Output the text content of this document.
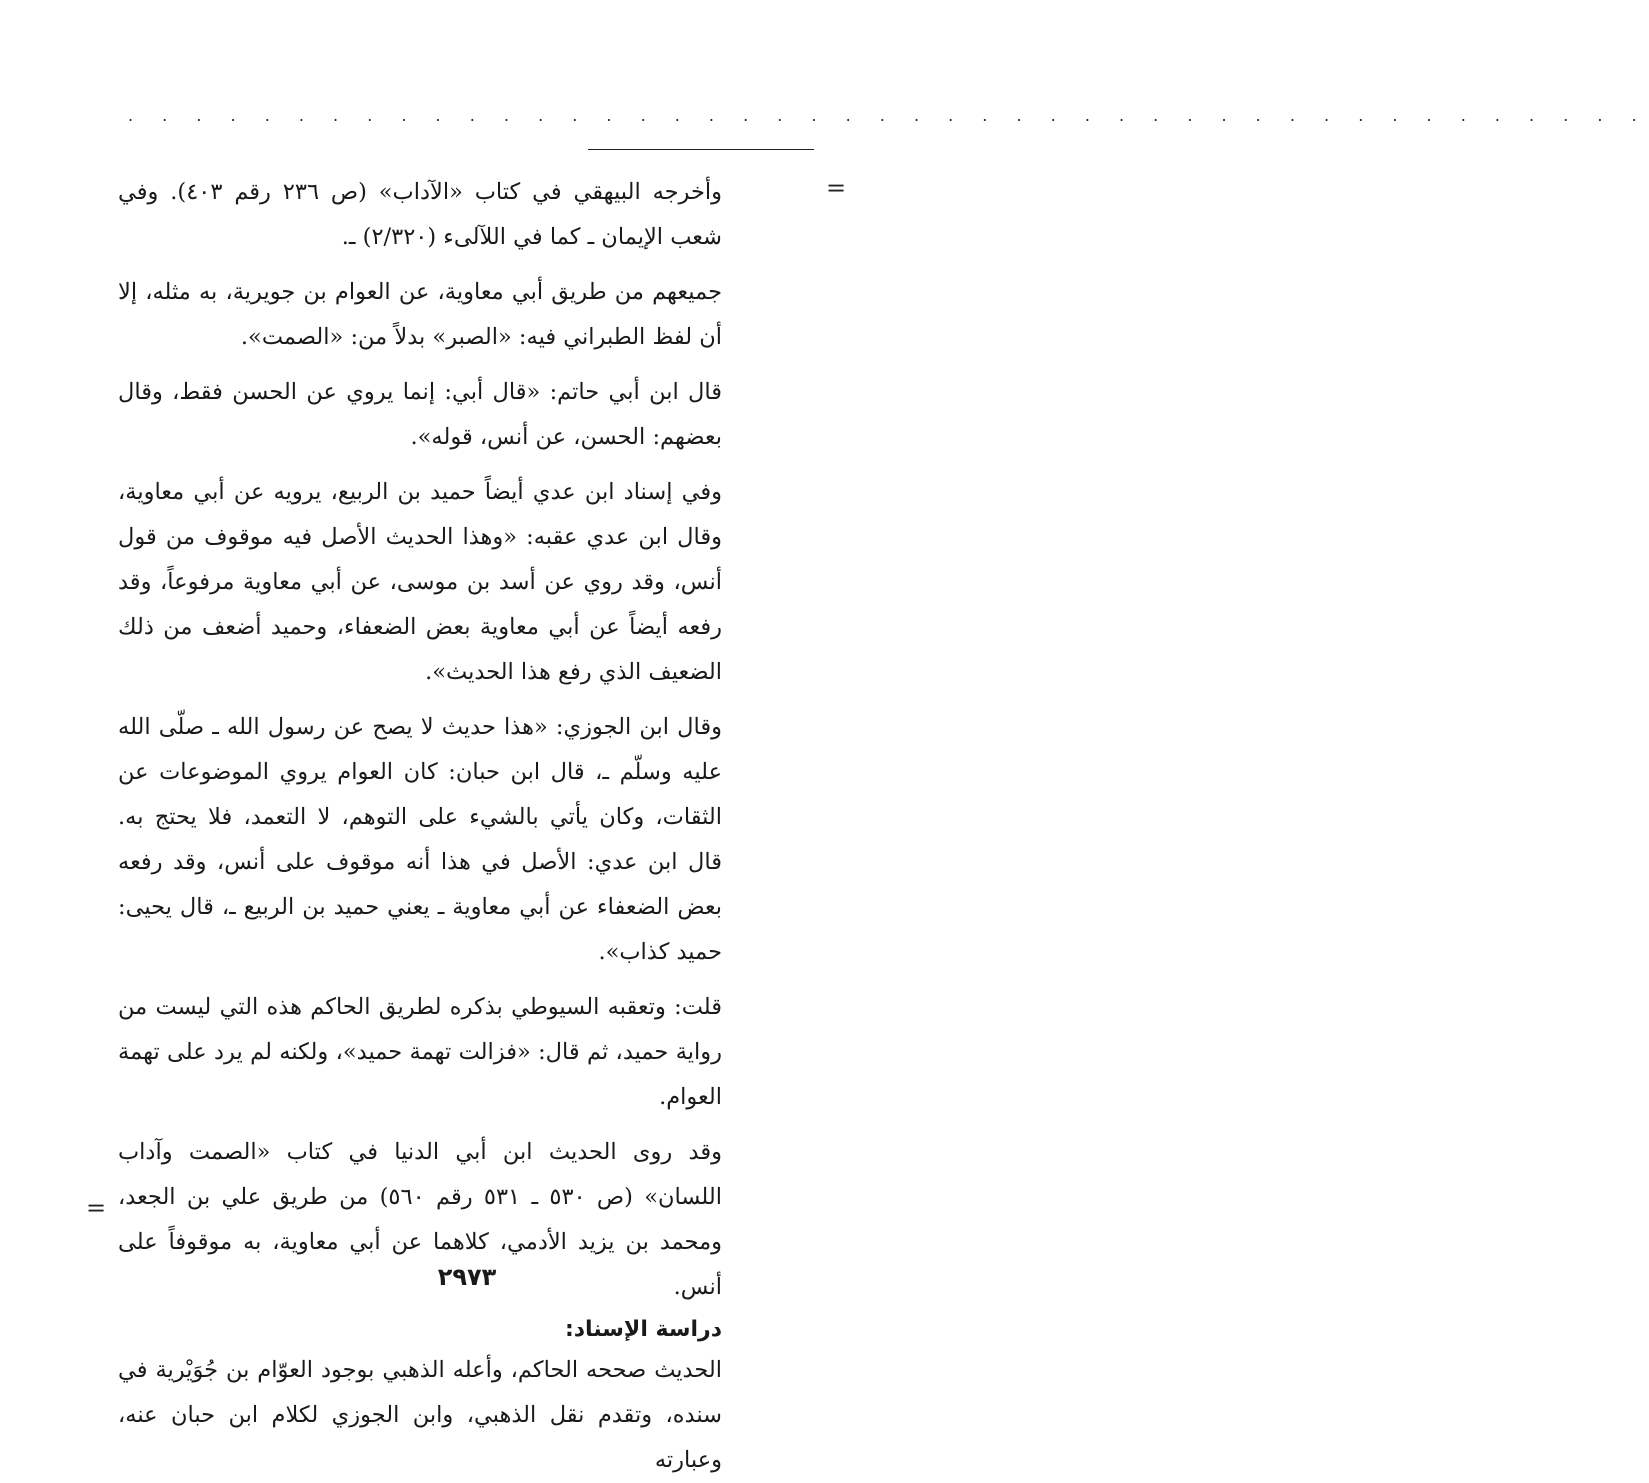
. . . . . . . . . . . . . . . . . . . . . . . . . . . . . . . . . . . . . . . . . . . . .
=

وأخرجه البيهقي في كتاب «الآداب» (ص ٢٣٦ رقم ٤٠٣). وفي شعب الإيمان ـ كما في اللآلىء (٢/٣٢٠) ـ.

جميعهم من طريق أبي معاوية، عن العوام بن جويرية، به مثله، إلا أن لفظ الطبراني فيه: «الصبر» بدلاً من: «الصمت».

قال ابن أبي حاتم: «قال أبي: إنما يروي عن الحسن فقط، وقال بعضهم: الحسن، عن أنس، قوله».

وفي إسناد ابن عدي أيضاً حميد بن الربيع، يرويه عن أبي معاوية، وقال ابن عدي عقبه: «وهذا الحديث الأصل فيه موقوف من قول أنس، وقد روي عن أسد بن موسى، عن أبي معاوية مرفوعاً، وقد رفعه أيضاً عن أبي معاوية بعض الضعفاء، وحميد أضعف من ذلك الضعيف الذي رفع هذا الحديث».

وقال ابن الجوزي: «هذا حديث لا يصح عن رسول الله ـ صلّى الله عليه وسلّم ـ، قال ابن حبان: كان العوام يروي الموضوعات عن الثقات، وكان يأتي بالشيء على التوهم، لا التعمد، فلا يحتج به. قال ابن عدي: الأصل في هذا أنه موقوف على أنس، وقد رفعه بعض الضعفاء عن أبي معاوية ـ يعني حميد بن الربيع ـ، قال يحيى: حميد كذاب».

قلت: وتعقبه السيوطي بذكره لطريق الحاكم هذه التي ليست من رواية حميد، ثم قال: «فزالت تهمة حميد»، ولكنه لم يرد على تهمة العوام.

وقد روى الحديث ابن أبي الدنيا في كتاب «الصمت وآداب اللسان» (ص ٥٣٠ ـ ٥٣١ رقم ٥٦٠) من طريق علي بن الجعد، ومحمد بن يزيد الأدمي، كلاهما عن أبي معاوية، به موقوفاً على أنس.

دراسة الإسناد:

الحديث صححه الحاكم، وأعله الذهبي بوجود العوّام بن جُوَيْرية في سنده، وتقدم نقل الذهبي، وابن الجوزي لكلام ابن حبان عنه، وعبارته

=
٢٩٧٣
